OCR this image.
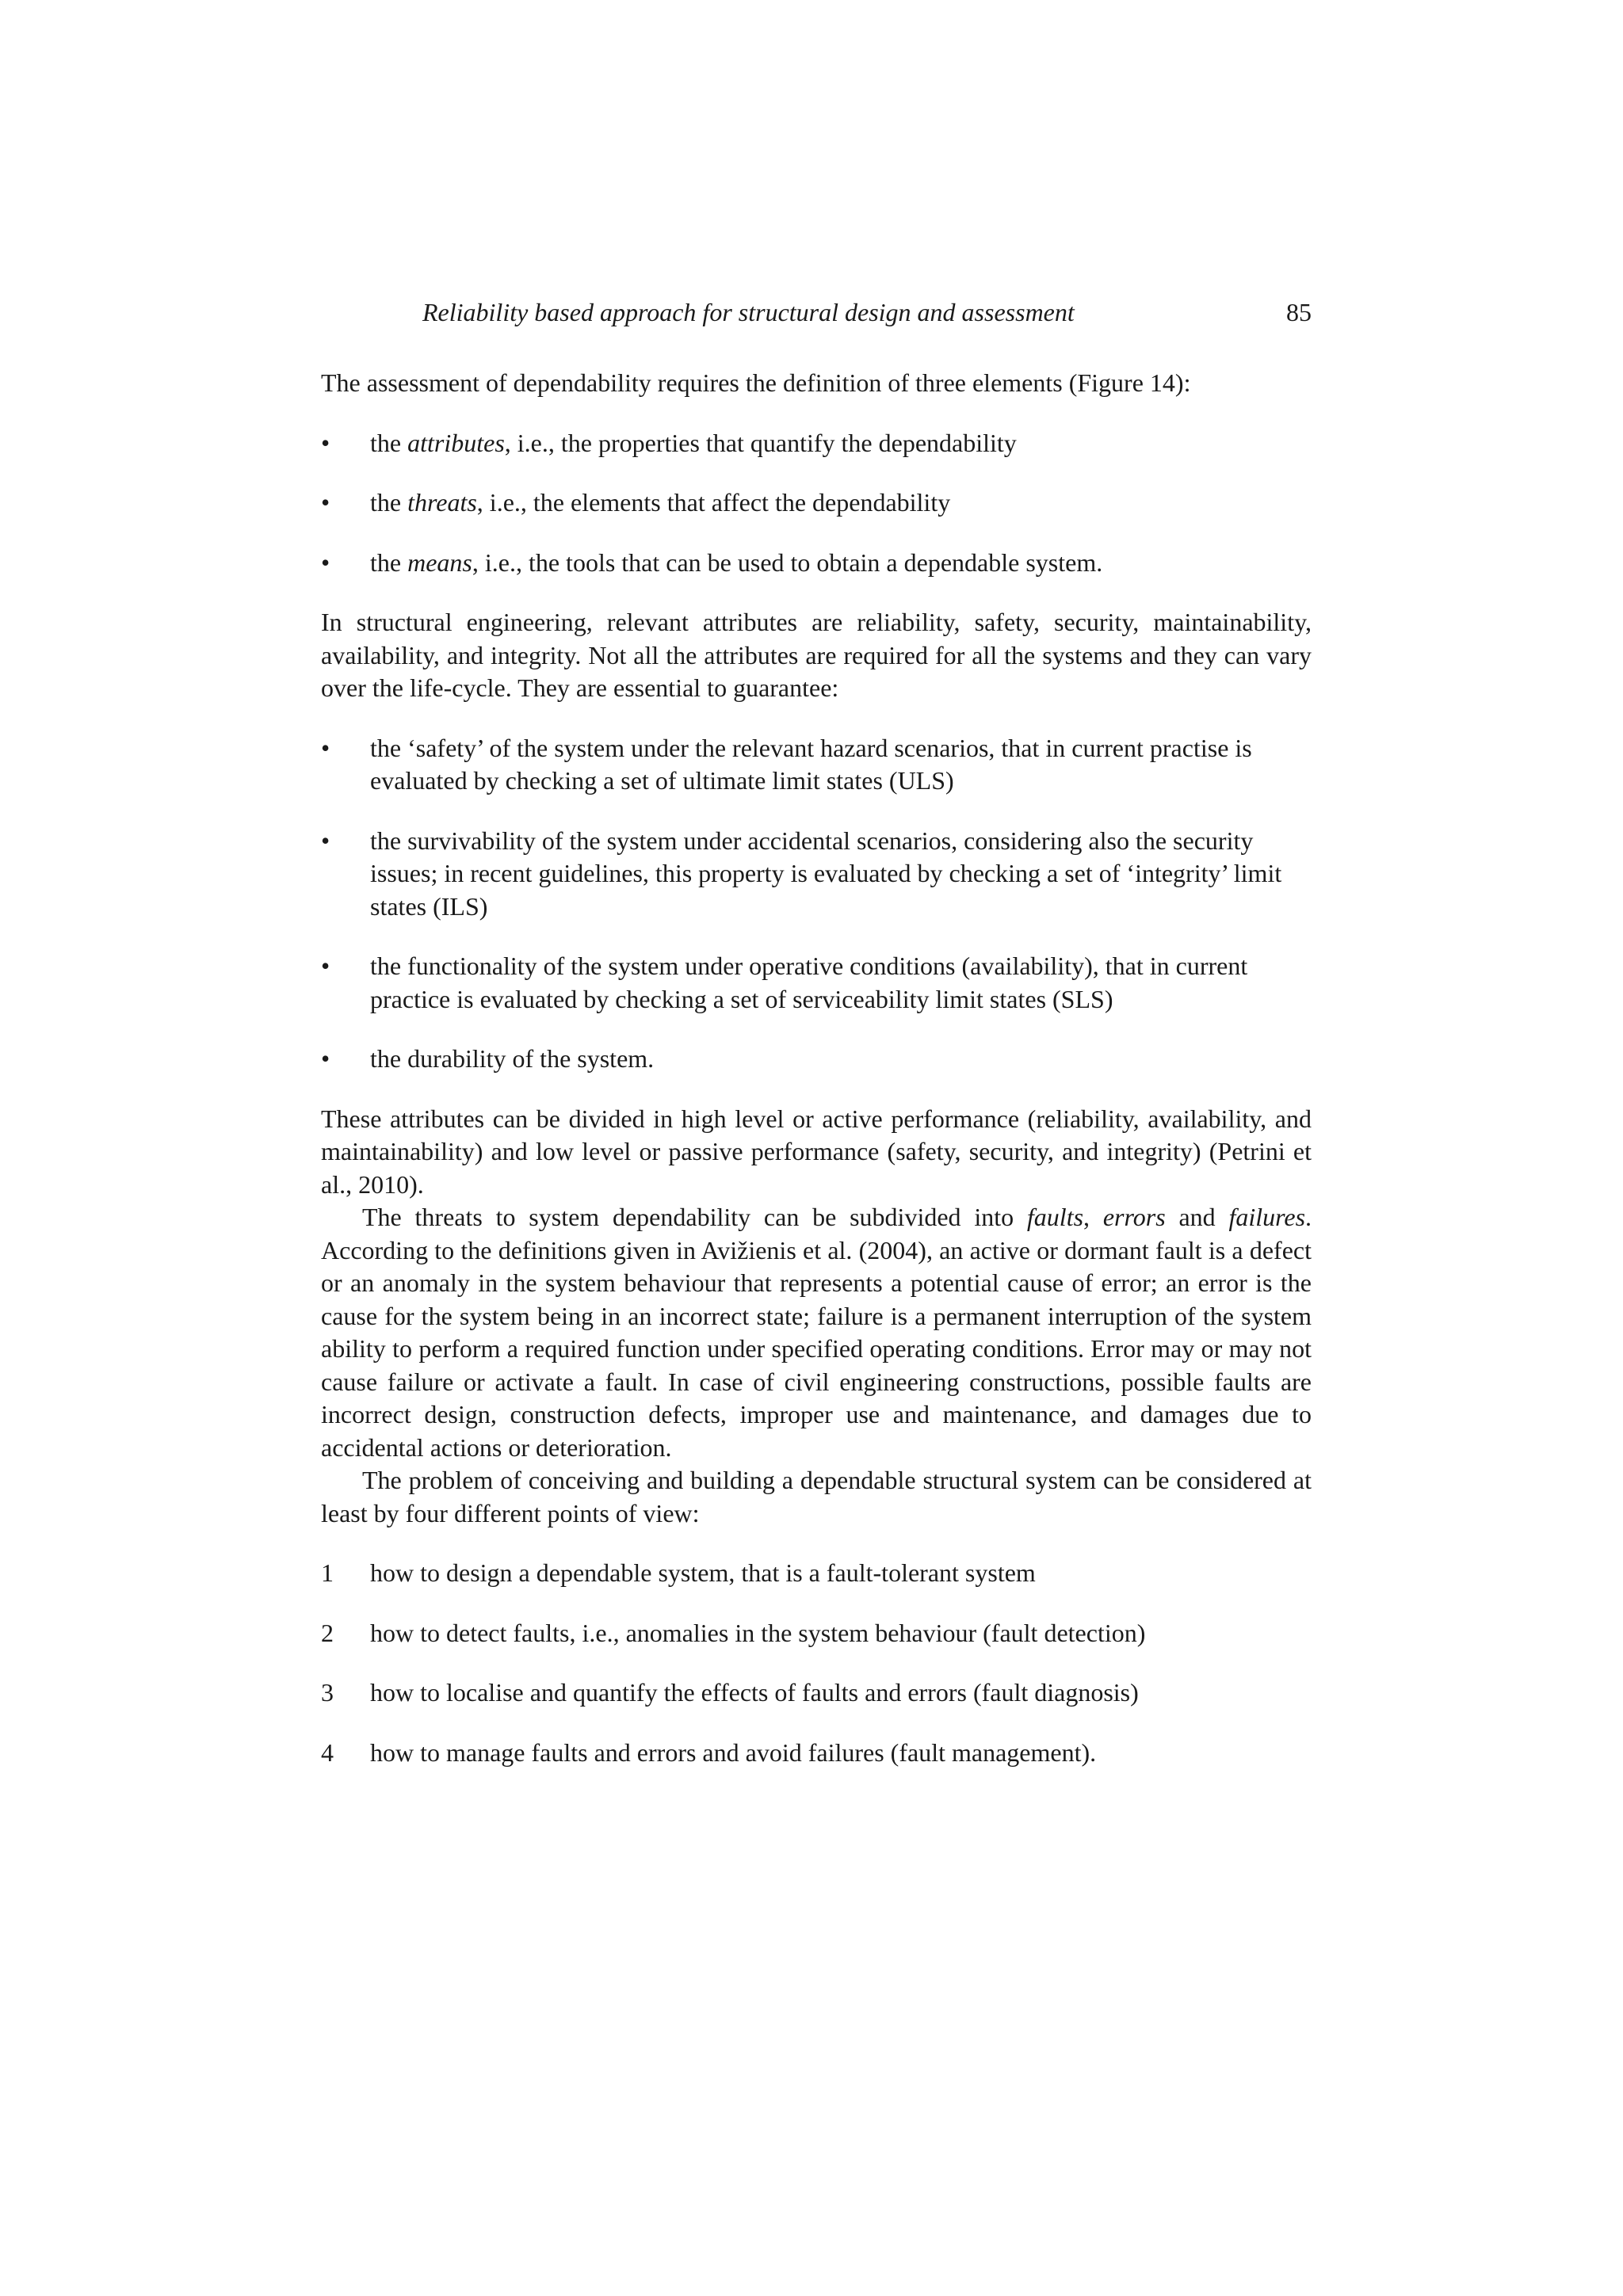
Reliability based approach for structural design and assessment	85

The assessment of dependability requires the definition of three elements (Figure 14):

•	the attributes, i.e., the properties that quantify the dependability
•	the threats, i.e., the elements that affect the dependability
•	the means, i.e., the tools that can be used to obtain a dependable system.

In structural engineering, relevant attributes are reliability, safety, security, maintainability, availability, and integrity. Not all the attributes are required for all the systems and they can vary over the life-cycle. They are essential to guarantee:

•	the ‘safety’ of the system under the relevant hazard scenarios, that in current practise is evaluated by checking a set of ultimate limit states (ULS)
•	the survivability of the system under accidental scenarios, considering also the security issues; in recent guidelines, this property is evaluated by checking a set of ‘integrity’ limit states (ILS)
•	the functionality of the system under operative conditions (availability), that in current practice is evaluated by checking a set of serviceability limit states (SLS)
•	the durability of the system.

These attributes can be divided in high level or active performance (reliability, availability, and maintainability) and low level or passive performance (safety, security, and integrity) (Petrini et al., 2010).

The threats to system dependability can be subdivided into faults, errors and failures. According to the definitions given in Avižienis et al. (2004), an active or dormant fault is a defect or an anomaly in the system behaviour that represents a potential cause of error; an error is the cause for the system being in an incorrect state; failure is a permanent interruption of the system ability to perform a required function under specified operating conditions. Error may or may not cause failure or activate a fault. In case of civil engineering constructions, possible faults are incorrect design, construction defects, improper use and maintenance, and damages due to accidental actions or deterioration.

The problem of conceiving and building a dependable structural system can be considered at least by four different points of view:

1	how to design a dependable system, that is a fault-tolerant system
2	how to detect faults, i.e., anomalies in the system behaviour (fault detection)
3	how to localise and quantify the effects of faults and errors (fault diagnosis)
4	how to manage faults and errors and avoid failures (fault management).
